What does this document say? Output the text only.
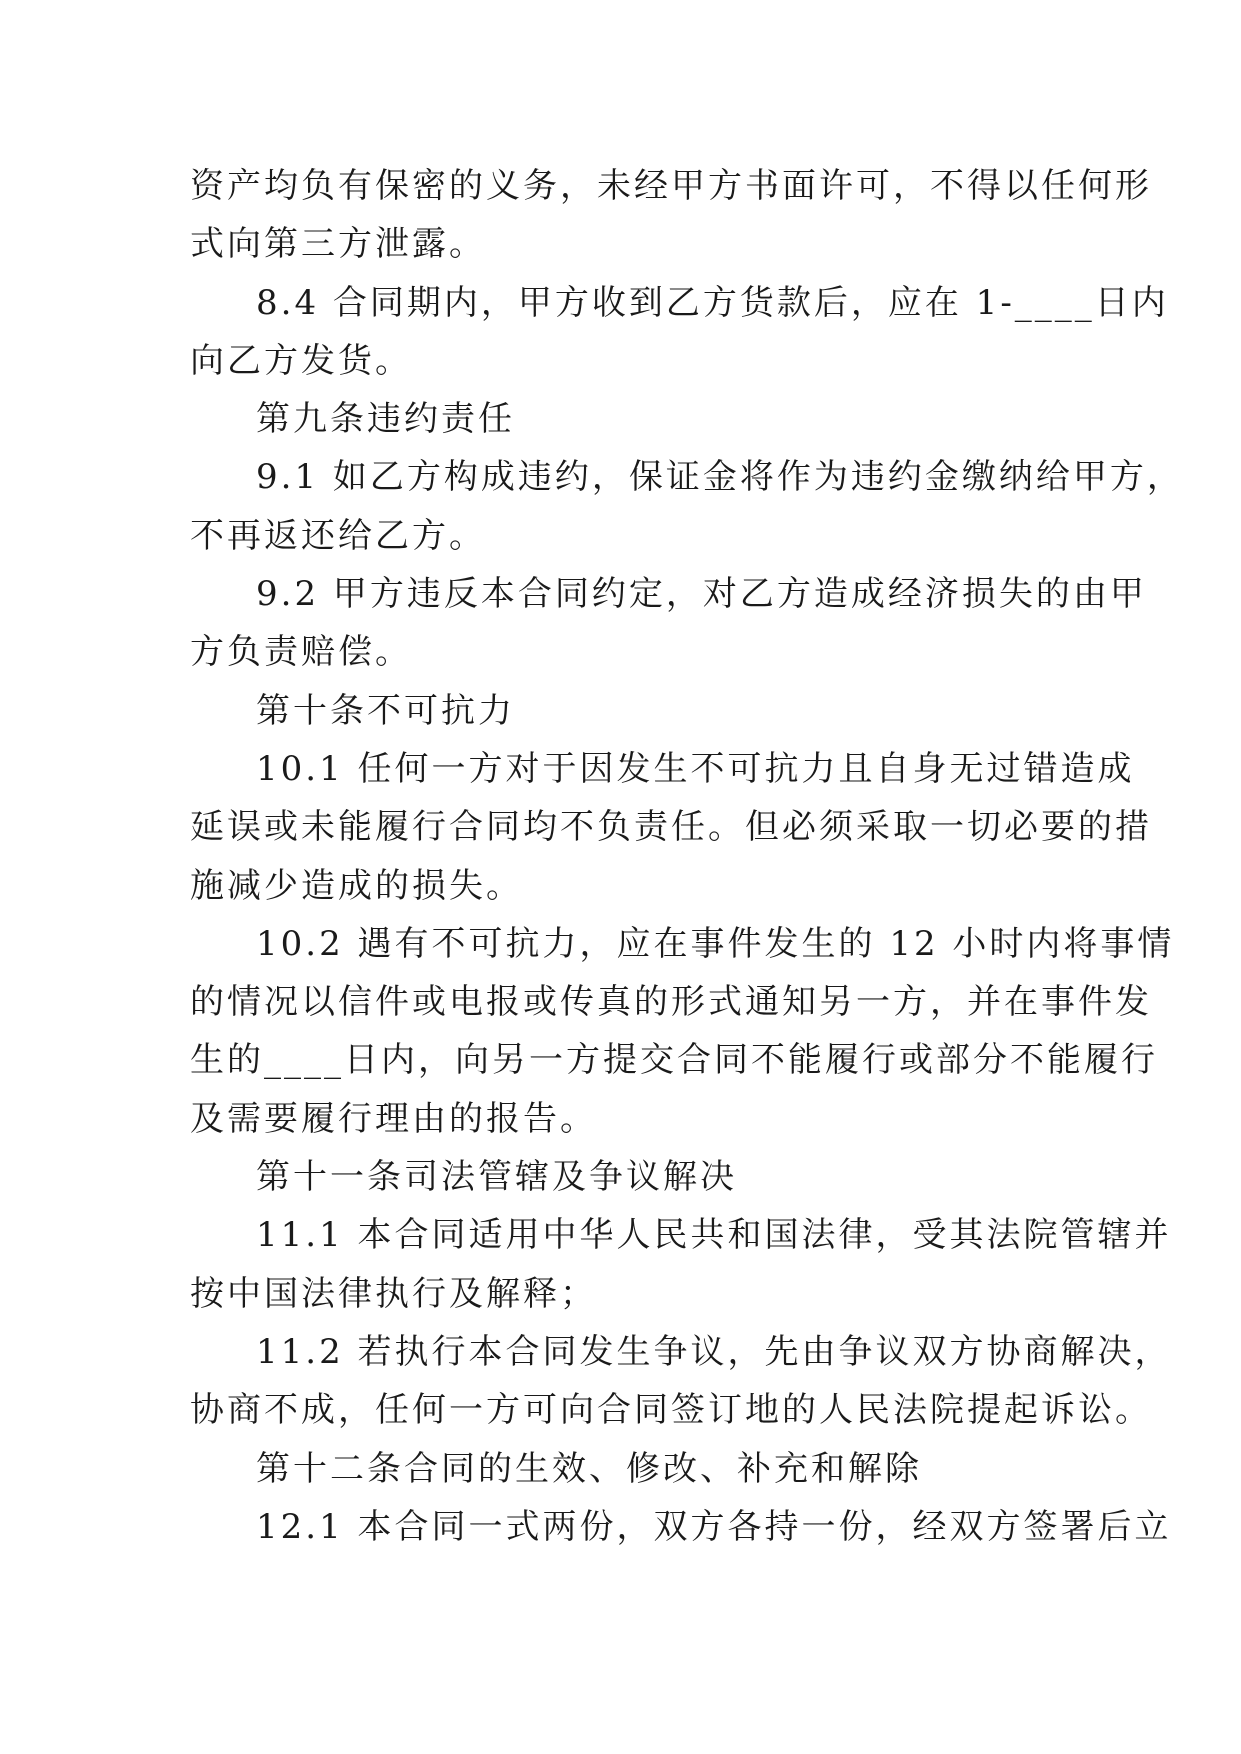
资产均负有保密的义务，未经甲方书面许可，不得以任何形
式向第三方泄露。
8.4 合同期内，甲方收到乙方货款后，应在 1-____日内
向乙方发货。
第九条违约责任
9.1 如乙方构成违约，保证金将作为违约金缴纳给甲方，
不再返还给乙方。
9.2 甲方违反本合同约定，对乙方造成经济损失的由甲
方负责赔偿。
第十条不可抗力
10.1 任何一方对于因发生不可抗力且自身无过错造成
延误或未能履行合同均不负责任。但必须采取一切必要的措
施减少造成的损失。
10.2 遇有不可抗力，应在事件发生的 12 小时内将事情
的情况以信件或电报或传真的形式通知另一方，并在事件发
生的____日内，向另一方提交合同不能履行或部分不能履行
及需要履行理由的报告。
第十一条司法管辖及争议解决
11.1 本合同适用中华人民共和国法律，受其法院管辖并
按中国法律执行及解释；
11.2 若执行本合同发生争议，先由争议双方协商解决，
协商不成，任何一方可向合同签订地的人民法院提起诉讼。
第十二条合同的生效、修改、补充和解除
12.1 本合同一式两份，双方各持一份，经双方签署后立
